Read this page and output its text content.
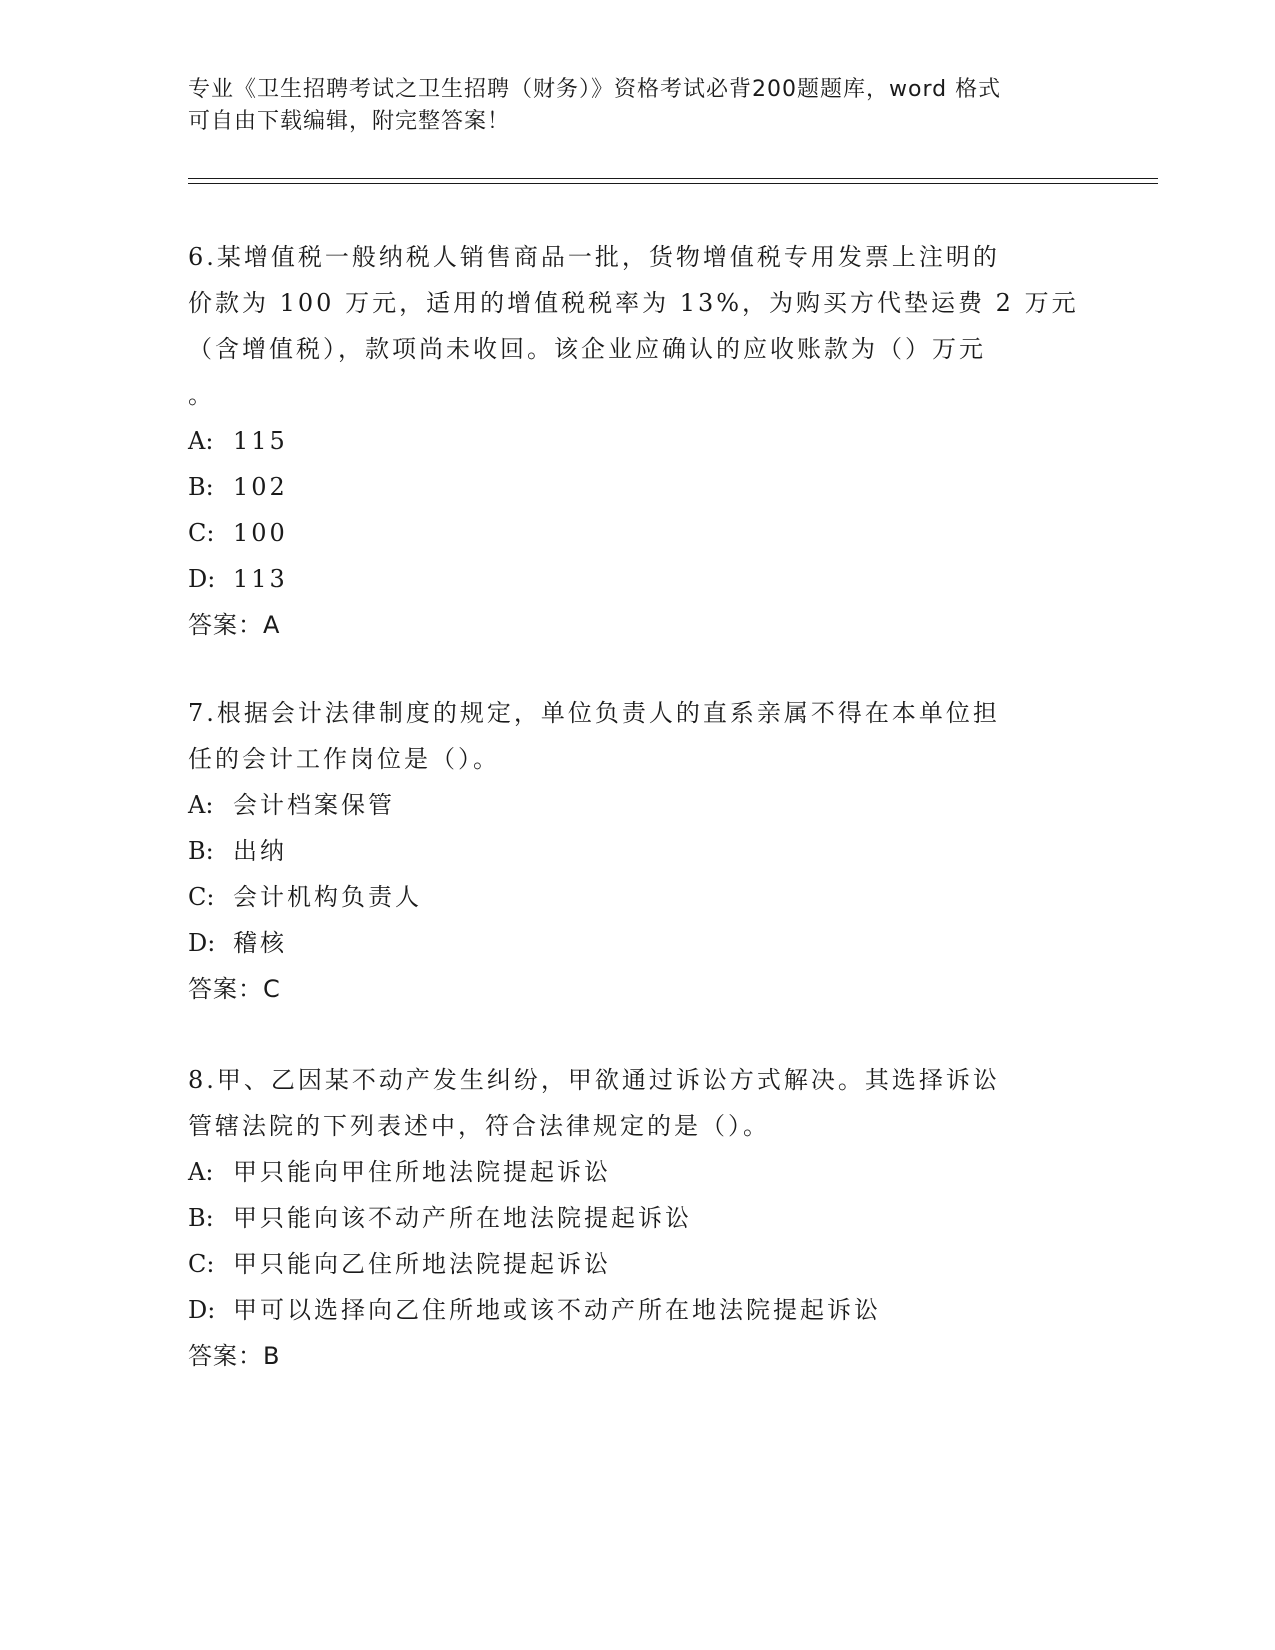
专业《卫生招聘考试之卫生招聘（财务）》资格考试必背200题题库，word 格式
可自由下载编辑，附完整答案！
6.某增值税一般纳税人销售商品一批，货物增值税专用发票上注明的
价款为 100 万元，适用的增值税税率为 13%，为购买方代垫运费 2 万元
（含增值税），款项尚未收回。该企业应确认的应收账款为（）万元
。
A: 115
B: 102
C: 100
D: 113
答案：A
7.根据会计法律制度的规定，单位负责人的直系亲属不得在本单位担
任的会计工作岗位是（）。
A: 会计档案保管
B: 出纳
C: 会计机构负责人
D: 稽核
答案：C
8.甲、乙因某不动产发生纠纷，甲欲通过诉讼方式解决。其选择诉讼
管辖法院的下列表述中，符合法律规定的是（）。
A: 甲只能向甲住所地法院提起诉讼
B: 甲只能向该不动产所在地法院提起诉讼
C: 甲只能向乙住所地法院提起诉讼
D: 甲可以选择向乙住所地或该不动产所在地法院提起诉讼
答案：B
